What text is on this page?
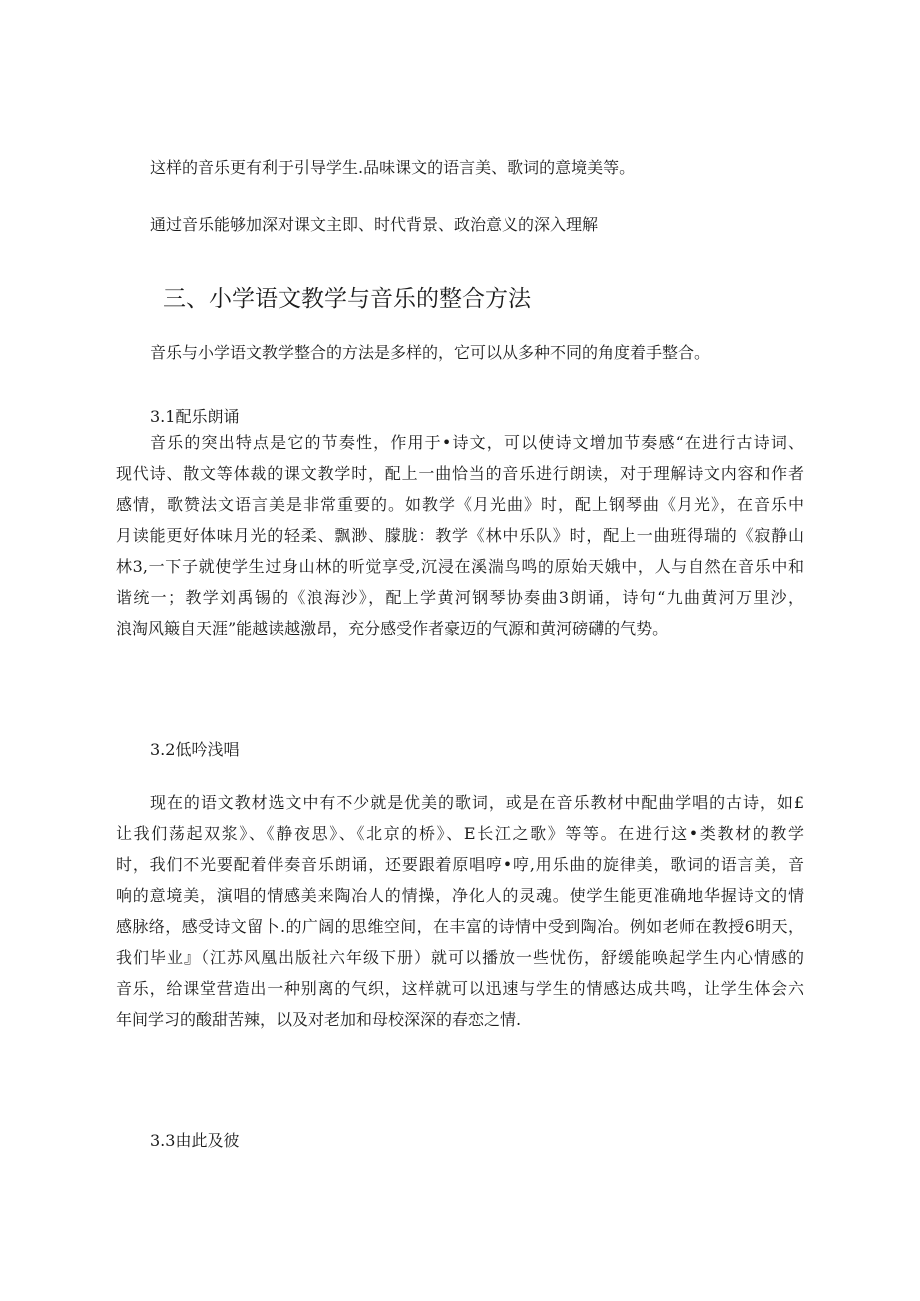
这样的音乐更有利于引导学生.品味课文的语言美、歌词的意境美等。
通过音乐能够加深对课文主即、时代背景、政治意义的深入理解
三、小学语文教学与音乐的整合方法
音乐与小学语文教学整合的方法是多样的，它可以从多种不同的角度着手整合。
3.1配乐朗诵
音乐的突出特点是它的节奏性，作用于•诗文，可以使诗文增加节奏感“在进行古诗词、
现代诗、散文等体裁的课文教学时，配上一曲恰当的音乐进行朗读，对于理解诗文内容和作者
感情，歌赞法文语言美是非常重要的。如教学《月光曲》时，配上钢琴曲《月光》，在音乐中
月读能更好体味月光的轻柔、飘渺、朦胧：教学《林中乐队》时，配上一曲班得瑞的《寂静山
林3,一下子就使学生过身山林的听觉享受,沉浸在溪湍鸟鸣的原始天娥中，人与自然在音乐中和
谐统一；教学刘禹锡的《浪海沙》，配上学黄河钢琴协奏曲3朗诵，诗句“九曲黄河万里沙，
浪淘风簸自天涯”能越读越激昂，充分感受作者豪迈的气源和黄河磅礴的气势。
3.2低吟浅唱
现在的语文教材选文中有不少就是优美的歌词，或是在音乐教材中配曲学唱的古诗，如£
让我们荡起双浆》、《静夜思》、《北京的桥》、E长江之歌》等等。在进行这•类教材的教学
时，我们不光要配着伴奏音乐朗诵，还要跟着原唱哼•哼,用乐曲的旋律美，歌词的语言美，音
响的意境美，演唱的情感美来陶冶人的情操，净化人的灵魂。使学生能更准确地华握诗文的情
感脉络，感受诗文留卜.的广阔的思维空间，在丰富的诗情中受到陶冶。例如老师在教授6明天，
我们毕业』（江苏风凰出版社六年级下册）就可以播放一些忧伤，舒缓能唤起学生内心情感的
音乐，给课堂营造出一种别离的气织，这样就可以迅速与学生的情感达成共鸣，让学生体会六
年间学习的酸甜苦辣，以及对老加和母校深深的春恋之情.
3.3由此及彼
